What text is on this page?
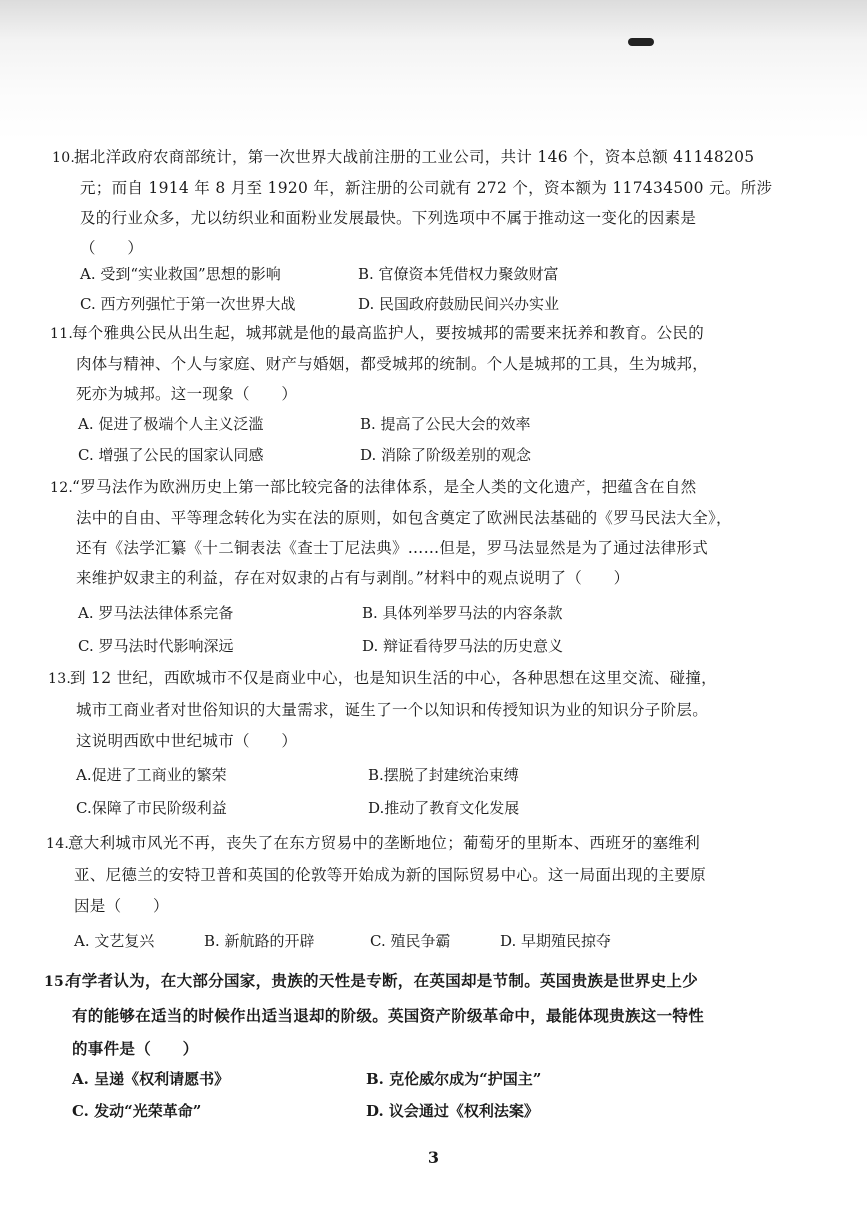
10.据北洋政府农商部统计，第一次世界大战前注册的工业公司，共计 146 个，资本总额 41148205
元；而自 1914 年 8 月至 1920 年，新注册的公司就有 272 个，资本额为 117434500 元。所涉
及的行业众多，尤以纺织业和面粉业发展最快。下列选项中不属于推动这一变化的因素是
（　　）
A. 受到“实业救国”思想的影响	B. 官僚资本凭借权力聚敛财富
C. 西方列强忙于第一次世界大战	D. 民国政府鼓励民间兴办实业
11.每个雅典公民从出生起，城邦就是他的最高监护人，要按城邦的需要来抚养和教育。公民的
肉体与精神、个人与家庭、财产与婚姻，都受城邦的统制。个人是城邦的工具，生为城邦，
死亦为城邦。这一现象（　　）
A. 促进了极端个人主义泛滥	B. 提高了公民大会的效率
C. 增强了公民的国家认同感	D. 消除了阶级差别的观念
12.“罗马法作为欧洲历史上第一部比较完备的法律体系，是全人类的文化遗产，把蕴含在自然
法中的自由、平等理念转化为实在法的原则，如包含奠定了欧洲民法基础的《罗马民法大全》，
还有《法学汇纂《十二铜表法《查士丁尼法典》……但是，罗马法显然是为了通过法律形式
来维护奴隶主的利益，存在对奴隶的占有与剥削。”材料中的观点说明了（　　）
A. 罗马法法律体系完备	B. 具体列举罗马法的内容条款
C. 罗马法时代影响深远	D. 辩证看待罗马法的历史意义
13.到 12 世纪，西欧城市不仅是商业中心，也是知识生活的中心，各种思想在这里交流、碰撞，
城市工商业者对世俗知识的大量需求，诞生了一个以知识和传授知识为业的知识分子阶层。
这说明西欧中世纪城市（　　）
A.促进了工商业的繁荣	B.摆脱了封建统治束缚
C.保障了市民阶级利益	D.推动了教育文化发展
14.意大利城市风光不再，丧失了在东方贸易中的垄断地位；葡萄牙的里斯本、西班牙的塞维利
亚、尼德兰的安特卫普和英国的伦敦等开始成为新的国际贸易中心。这一局面出现的主要原
因是（　　）
A. 文艺复兴	B. 新航路的开辟	C. 殖民争霸	D. 早期殖民掠夺
15.有学者认为，在大部分国家，贵族的天性是专断，在英国却是节制。英国贵族是世界史上少
有的能够在适当的时候作出适当退却的阶级。英国资产阶级革命中，最能体现贵族这一特性
的事件是（　　）
A. 呈递《权利请愿书》	B. 克伦威尔成为“护国主”
C. 发动“光荣革命”	D. 议会通过《权利法案》
3
